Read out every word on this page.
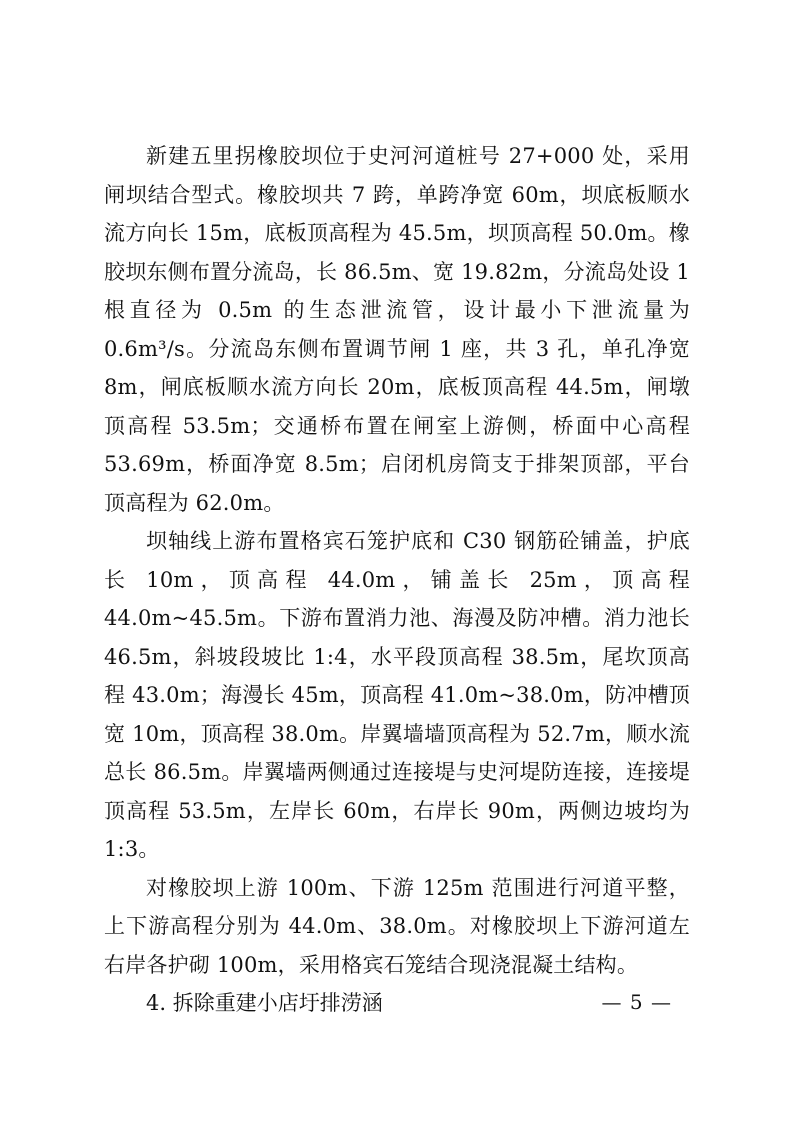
新建五里拐橡胶坝位于史河河道桩号 27+000 处，采用闸坝结合型式。橡胶坝共 7 跨，单跨净宽 60m，坝底板顺水流方向长 15m，底板顶高程为 45.5m，坝顶高程 50.0m。橡胶坝东侧布置分流岛，长 86.5m、宽 19.82m，分流岛处设 1 根直径为 0.5m 的生态泄流管，设计最小下泄流量为 0.6m³/s。分流岛东侧布置调节闸 1 座，共 3 孔，单孔净宽 8m，闸底板顺水流方向长 20m，底板顶高程 44.5m，闸墩顶高程 53.5m；交通桥布置在闸室上游侧，桥面中心高程 53.69m，桥面净宽 8.5m；启闭机房筒支于排架顶部，平台顶高程为 62.0m。

坝轴线上游布置格宾石笼护底和 C30 钢筋砼铺盖，护底长 10m，顶高程 44.0m，铺盖长 25m，顶高程 44.0m~45.5m。下游布置消力池、海漫及防冲槽。消力池长 46.5m，斜坡段坡比 1:4，水平段顶高程 38.5m，尾坎顶高程 43.0m；海漫长 45m，顶高程 41.0m~38.0m，防冲槽顶宽 10m，顶高程 38.0m。岸翼墙墙顶高程为 52.7m，顺水流总长 86.5m。岸翼墙两侧通过连接堤与史河堤防连接，连接堤顶高程 53.5m，左岸长 60m，右岸长 90m，两侧边坡均为 1:3。

对橡胶坝上游 100m、下游 125m 范围进行河道平整，上下游高程分别为 44.0m、38.0m。对橡胶坝上下游河道左右岸各护砌 100m，采用格宾石笼结合现浇混凝土结构。

4. 拆除重建小店圩排涝涵	— 5 —
